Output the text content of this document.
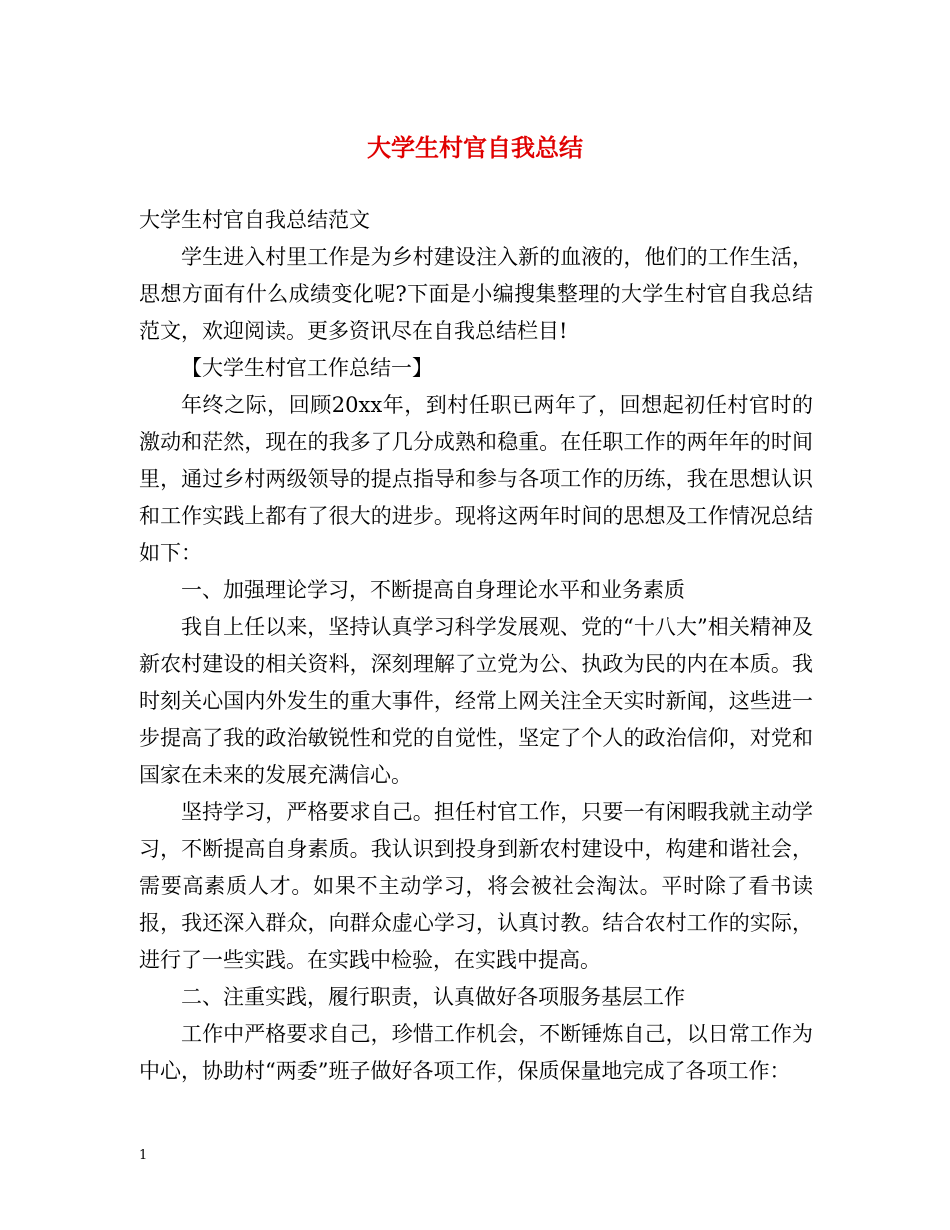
大学生村官自我总结

大学生村官自我总结范文

学生进入村里工作是为乡村建设注入新的血液的，他们的工作生活，思想方面有什么成绩变化呢?下面是小编搜集整理的大学生村官自我总结范文，欢迎阅读。更多资讯尽在自我总结栏目!

【大学生村官工作总结一】

年终之际，回顾20xx年，到村任职已两年了，回想起初任村官时的激动和茫然，现在的我多了几分成熟和稳重。在任职工作的两年年的时间里，通过乡村两级领导的提点指导和参与各项工作的历练，我在思想认识和工作实践上都有了很大的进步。现将这两年时间的思想及工作情况总结如下：

一、加强理论学习，不断提高自身理论水平和业务素质

我自上任以来，坚持认真学习科学发展观、党的“十八大”相关精神及新农村建设的相关资料，深刻理解了立党为公、执政为民的内在本质。我时刻关心国内外发生的重大事件，经常上网关注全天实时新闻，这些进一步提高了我的政治敏锐性和党的自觉性，坚定了个人的政治信仰，对党和国家在未来的发展充满信心。

坚持学习，严格要求自己。担任村官工作，只要一有闲暇我就主动学习，不断提高自身素质。我认识到投身到新农村建设中，构建和谐社会，需要高素质人才。如果不主动学习，将会被社会淘汰。平时除了看书读报，我还深入群众，向群众虚心学习，认真讨教。结合农村工作的实际，进行了一些实践。在实践中检验，在实践中提高。

二、注重实践，履行职责，认真做好各项服务基层工作

工作中严格要求自己，珍惜工作机会，不断锤炼自己，以日常工作为中心，协助村“两委”班子做好各项工作，保质保量地完成了各项工作：

1
